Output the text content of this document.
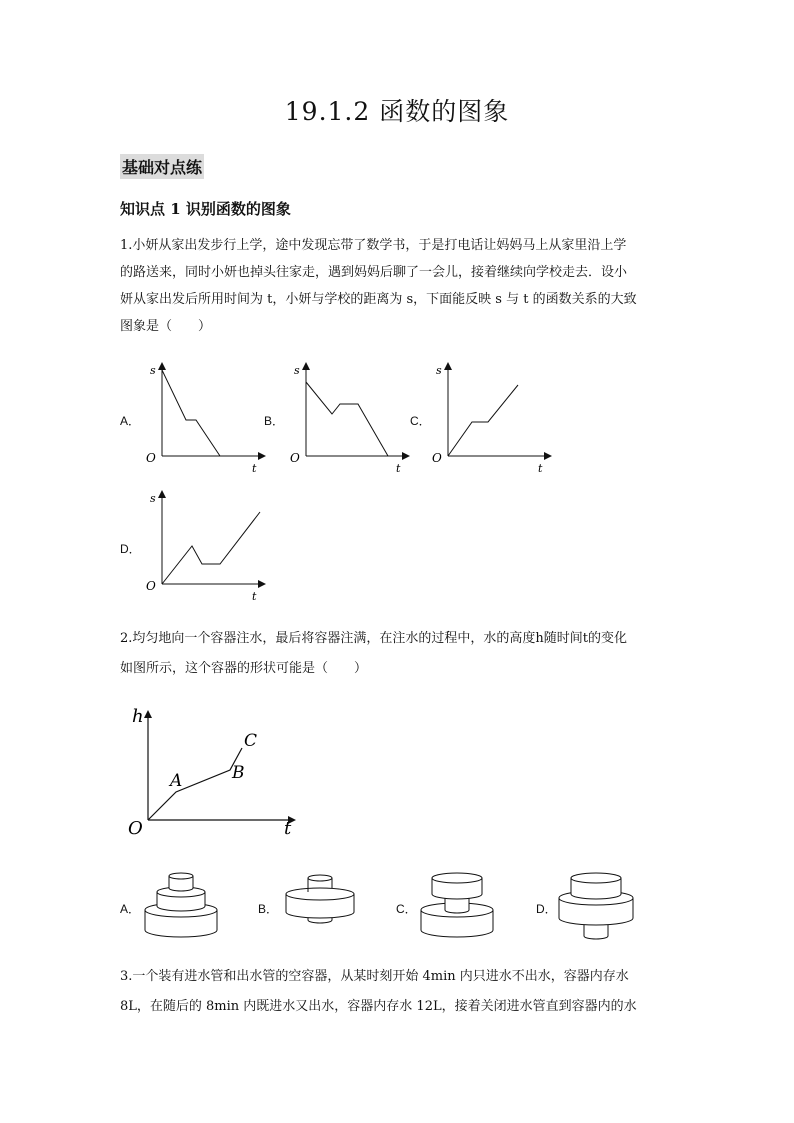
19.1.2 函数的图象
基础对点练
知识点 1 识别函数的图象
1.小妍从家出发步行上学，途中发现忘带了数学书，于是打电话让妈妈马上从家里沿上学
的路送来，同时小妍也掉头往家走，遇到妈妈后聊了一会儿，接着继续向学校走去．设小
妍从家出发后所用时间为 t，小妍与学校的距离为 s，下面能反映 s 与 t 的函数关系的大致
图象是（　　）
A．
s
t
O
B．
s
t
O
C．
s
t
O
D．
s
t
O
2.均匀地向一个容器注水，最后将容器注满，在注水的过程中，水的高度h随时间t的变化
如图所示，这个容器的形状可能是（　　）
h
t
O
A	B
C
A．	B．	C．	D．
3.一个装有进水管和出水管的空容器，从某时刻开始 4min 内只进水不出水，容器内存水
8L，在随后的 8min 内既进水又出水，容器内存水 12L，接着关闭进水管直到容器内的水
